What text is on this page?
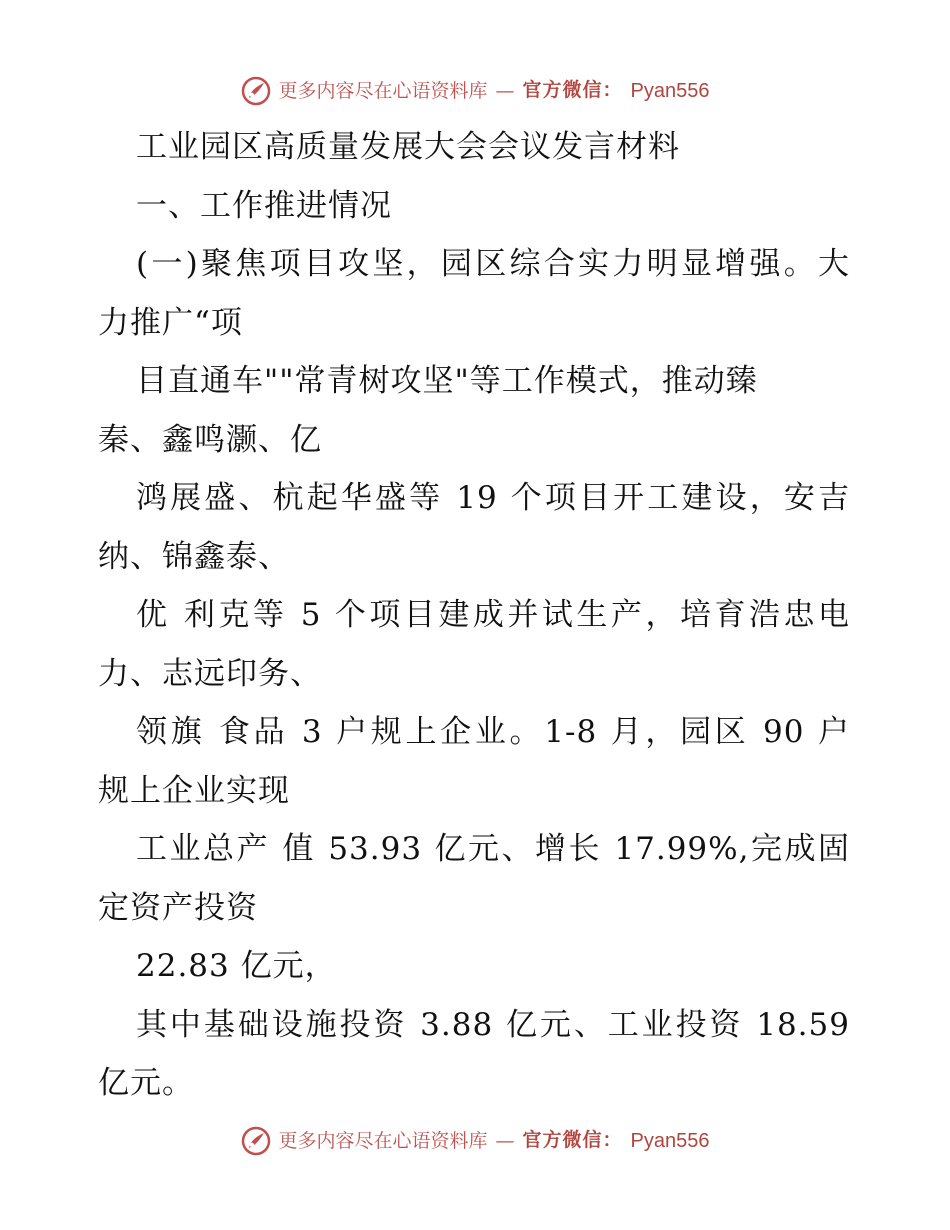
更多内容尽在心语资料库 — 官方微信： Pyan556
工业园区高质量发展大会会议发言材料
一、工作推进情况
(一)聚焦项目攻坚，园区综合实力明显增强。大
力推广“项
目直通车""常青树攻坚"等工作模式，推动臻
秦、鑫鸣灏、亿
鸿展盛、杭起华盛等 19 个项目开工建设，安吉
纳、锦鑫泰、
优 利克等 5 个项目建成并试生产，培育浩忠电
力、志远印务、
领旗 食品 3 户规上企业。1-8 月，园区 90 户
规上企业实现
工业总产 值 53.93 亿元、增长 17.99%,完成固
定资产投资
22.83 亿元，
其中基础设施投资 3.88 亿元、工业投资 18.59
亿元。
更多内容尽在心语资料库 — 官方微信： Pyan556
